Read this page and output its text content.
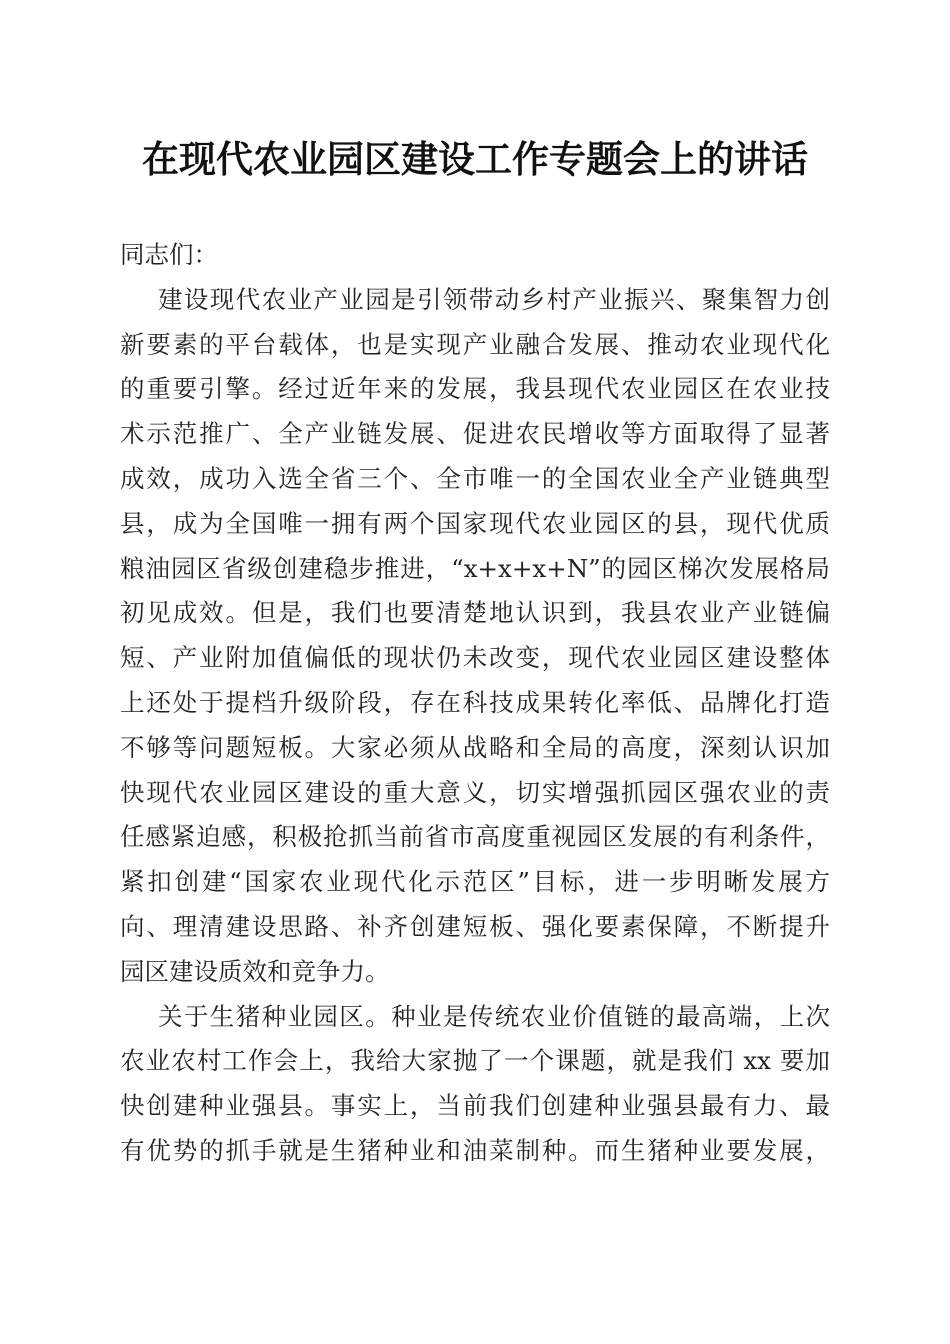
在现代农业园区建设工作专题会上的讲话
同志们：
建设现代农业产业园是引领带动乡村产业振兴、聚集智力创
新要素的平台载体，也是实现产业融合发展、推动农业现代化
的重要引擎。经过近年来的发展，我县现代农业园区在农业技
术示范推广、全产业链发展、促进农民增收等方面取得了显著
成效，成功入选全省三个、全市唯一的全国农业全产业链典型
县，成为全国唯一拥有两个国家现代农业园区的县，现代优质
粮油园区省级创建稳步推进，“x+x+x+N”的园区梯次发展格局
初见成效。但是，我们也要清楚地认识到，我县农业产业链偏
短、产业附加值偏低的现状仍未改变，现代农业园区建设整体
上还处于提档升级阶段，存在科技成果转化率低、品牌化打造
不够等问题短板。大家必须从战略和全局的高度，深刻认识加
快现代农业园区建设的重大意义，切实增强抓园区强农业的责
任感紧迫感，积极抢抓当前省市高度重视园区发展的有利条件，
紧扣创建“国家农业现代化示范区”目标，进一步明晰发展方
向、理清建设思路、补齐创建短板、强化要素保障，不断提升
园区建设质效和竞争力。
关于生猪种业园区。种业是传统农业价值链的最高端，上次
农业农村工作会上，我给大家抛了一个课题，就是我们 xx 要加
快创建种业强县。事实上，当前我们创建种业强县最有力、最
有优势的抓手就是生猪种业和油菜制种。而生猪种业要发展，
